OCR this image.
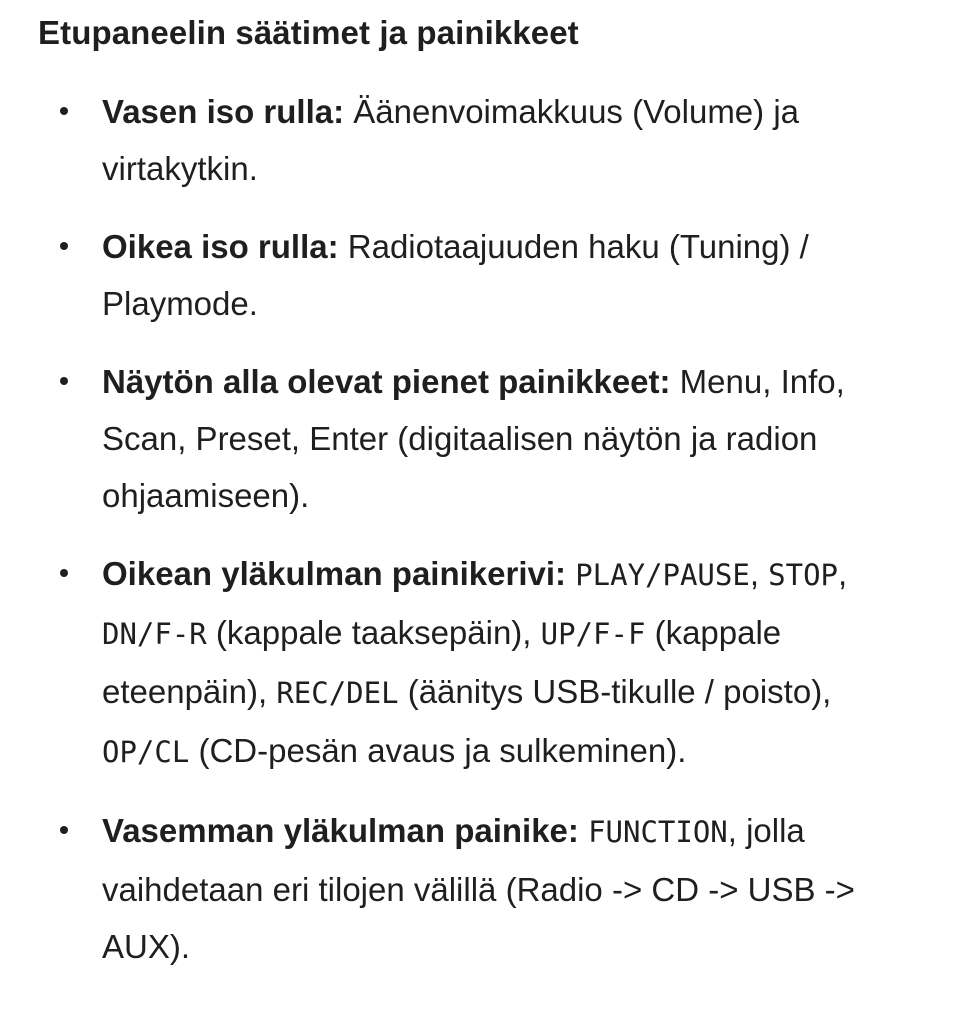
Etupaneelin säätimet ja painikkeet
Vasen iso rulla: Äänenvoimakkuus (Volume) ja virtakytkin.
Oikea iso rulla: Radiotaajuuden haku (Tuning) / Playmode.
Näytön alla olevat pienet painikkeet: Menu, Info, Scan, Preset, Enter (digitaalisen näytön ja radion ohjaamiseen).
Oikean yläkulman painikerivi: PLAY/PAUSE, STOP, DN/F-R (kappale taaksepäin), UP/F-F (kappale eteenpäin), REC/DEL (äänitys USB-tikulle / poisto), OP/CL (CD-pesän avaus ja sulkeminen).
Vasemman yläkulman painike: FUNCTION, jolla vaihdetaan eri tilojen välillä (Radio -> CD -> USB -> AUX).
